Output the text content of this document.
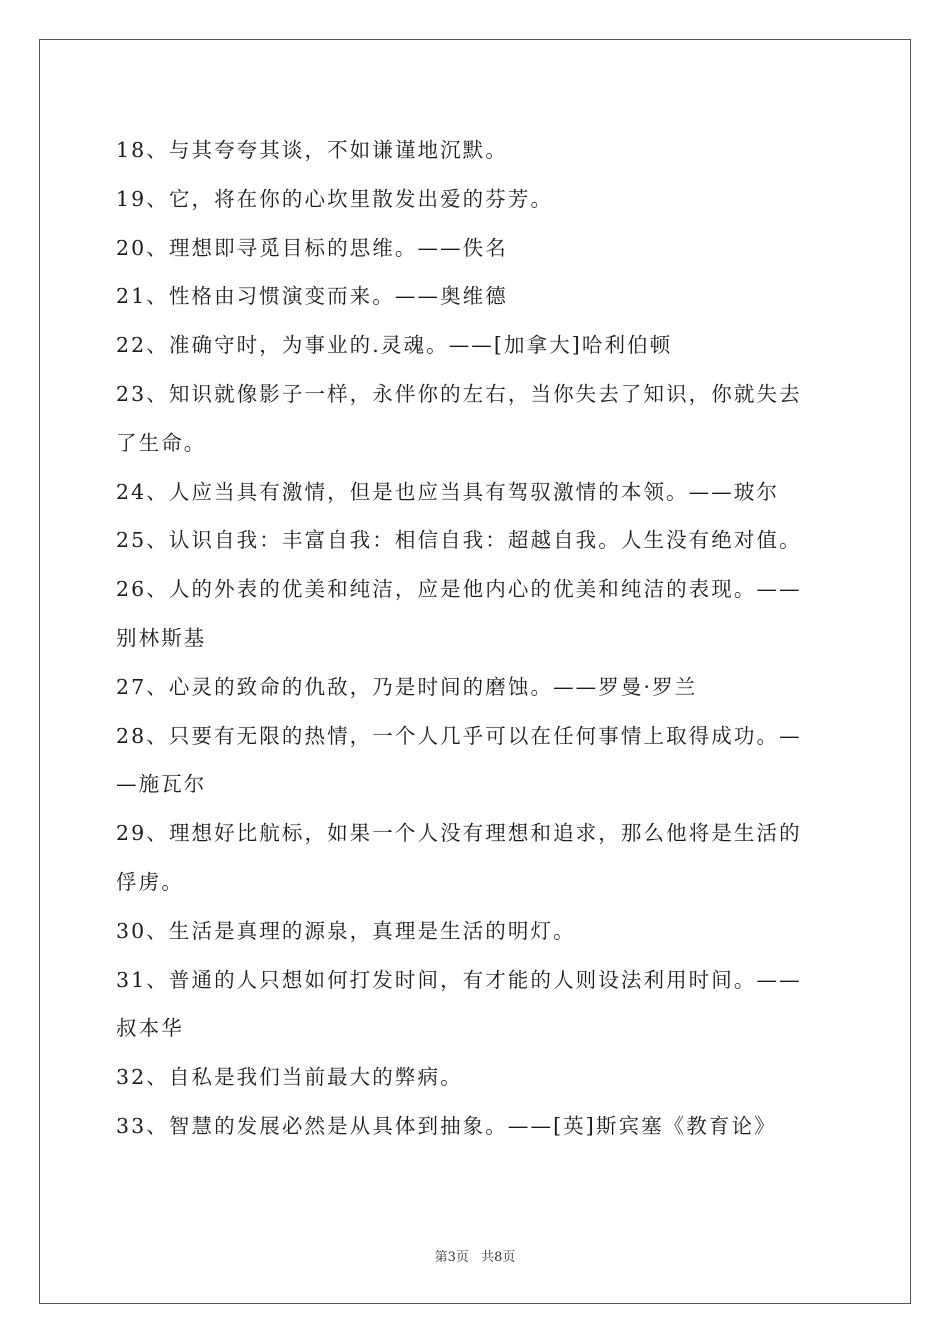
18、与其夸夸其谈，不如谦谨地沉默。
19、它，将在你的心坎里散发出爱的芬芳。
20、理想即寻觅目标的思维。——佚名
21、性格由习惯演变而来。——奥维德
22、准确守时，为事业的.灵魂。——[加拿大]哈利伯顿
23、知识就像影子一样，永伴你的左右，当你失去了知识，你就失去
了生命。
24、人应当具有激情，但是也应当具有驾驭激情的本领。——玻尔
25、认识自我：丰富自我：相信自我：超越自我。人生没有绝对值。
26、人的外表的优美和纯洁，应是他内心的优美和纯洁的表现。——
别林斯基
27、心灵的致命的仇敌，乃是时间的磨蚀。——罗曼·罗兰
28、只要有无限的热情，一个人几乎可以在任何事情上取得成功。—
—施瓦尔
29、理想好比航标，如果一个人没有理想和追求，那么他将是生活的
俘虏。
30、生活是真理的源泉，真理是生活的明灯。
31、普通的人只想如何打发时间，有才能的人则设法利用时间。——
叔本华
32、自私是我们当前最大的弊病。
33、智慧的发展必然是从具体到抽象。——[英]斯宾塞《教育论》
第3页 共8页
